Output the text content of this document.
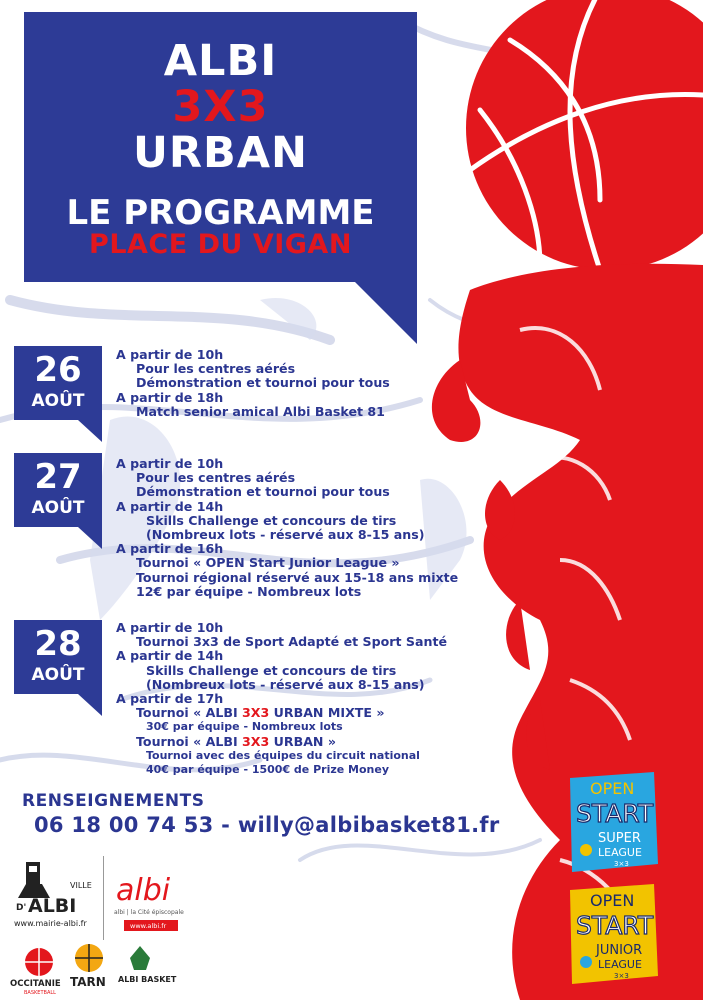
ALBI
3X3
URBAN
LE PROGRAMME
PLACE DU VIGAN
26
AOÛT
A partir de 10h
Pour les centres aérés
Démonstration et tournoi pour tous
A partir de 18h
Match senior amical Albi Basket 81
27
AOÛT
A partir de 10h
Pour les centres aérés
Démonstration et tournoi pour tous
A partir de 14h
Skills Challenge et concours de tirs
(Nombreux lots - réservé aux 8-15 ans)
A partir de 16h
Tournoi « OPEN Start Junior League »
Tournoi régional réservé aux 15-18 ans mixte
12€ par équipe - Nombreux lots
28
AOÛT
A partir de 10h
Tournoi 3x3 de Sport Adapté et Sport Santé
A partir de 14h
Skills Challenge et concours de tirs
(Nombreux lots - réservé aux 8-15 ans)
A partir de 17h
Tournoi « ALBI 3X3 URBAN MIXTE »
30€ par équipe - Nombreux lots
Tournoi « ALBI 3X3 URBAN »
Tournoi avec des équipes du circuit national
40€ par équipe - 1500€ de Prize Money
RENSEIGNEMENTS
06 18 00 74 53 - willy@albibasket81.fr
VILLE
D' ALBI
www.mairie-albi.fr
albi
albi | la Cité épiscopale
www.albi.fr
OCCITANIE
BASKETBALL
TARN ALBI BASKET
OPEN
START
SUPER
LEAGUE
3×3
OPEN
START
JUNIOR
LEAGUE
3×3
